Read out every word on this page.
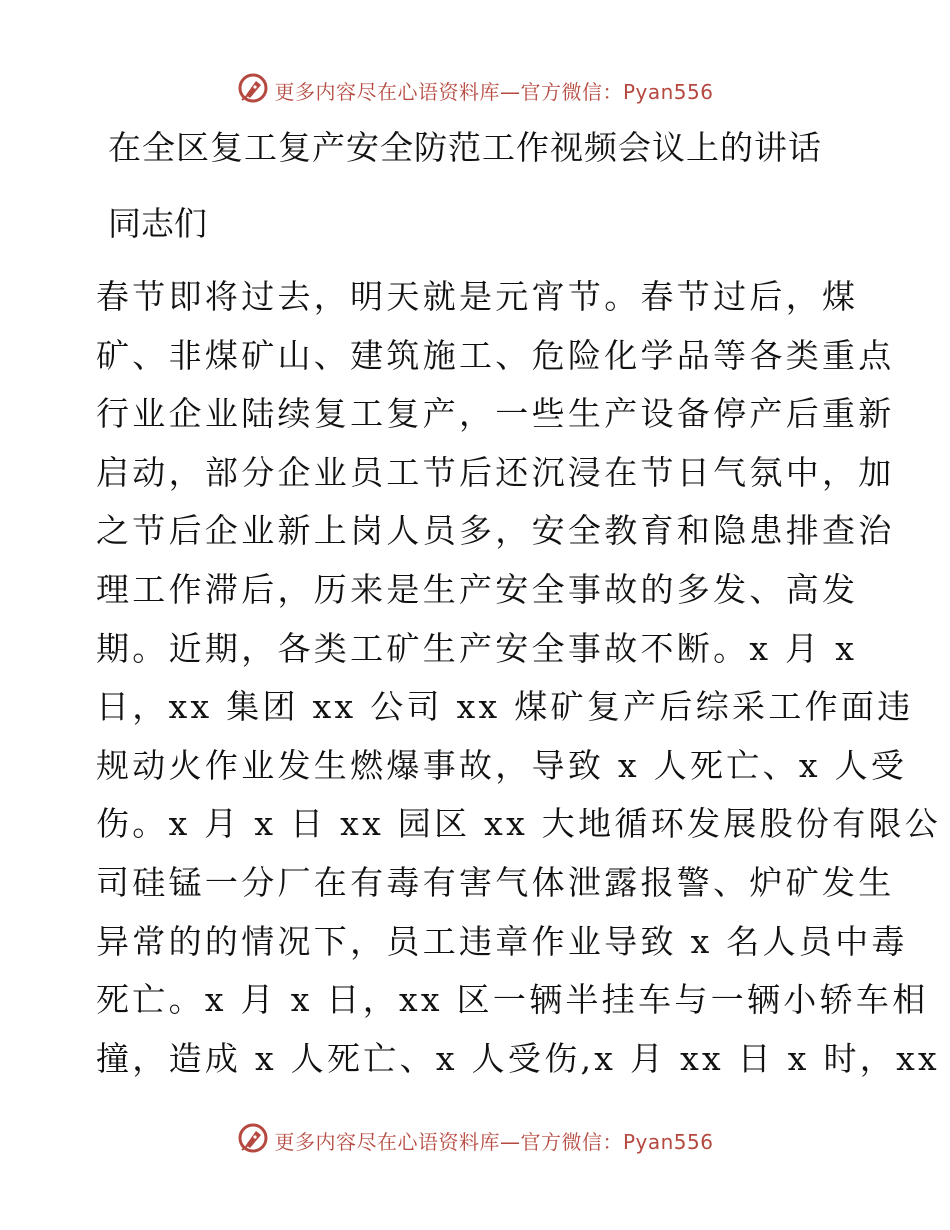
更多内容尽在心语资料库—官方微信：Pyan556
在全区复工复产安全防范工作视频会议上的讲话
同志们
春节即将过去，明天就是元宵节。春节过后，煤
矿、非煤矿山、建筑施工、危险化学品等各类重点
行业企业陆续复工复产，一些生产设备停产后重新
启动，部分企业员工节后还沉浸在节日气氛中，加
之节后企业新上岗人员多，安全教育和隐患排查治
理工作滞后，历来是生产安全事故的多发、高发
期。近期，各类工矿生产安全事故不断。x 月 x
日，xx 集团 xx 公司 xx 煤矿复产后综采工作面违
规动火作业发生燃爆事故，导致 x 人死亡、x 人受
伤。x 月 x 日 xx 园区 xx 大地循环发展股份有限公
司硅锰一分厂在有毒有害气体泄露报警、炉矿发生
异常的的情况下，员工违章作业导致 x 名人员中毒
死亡。x 月 x 日，xx 区一辆半挂车与一辆小轿车相
撞，造成 x 人死亡、x 人受伤,x 月 xx 日 x 时，xx
更多内容尽在心语资料库—官方微信：Pyan556
